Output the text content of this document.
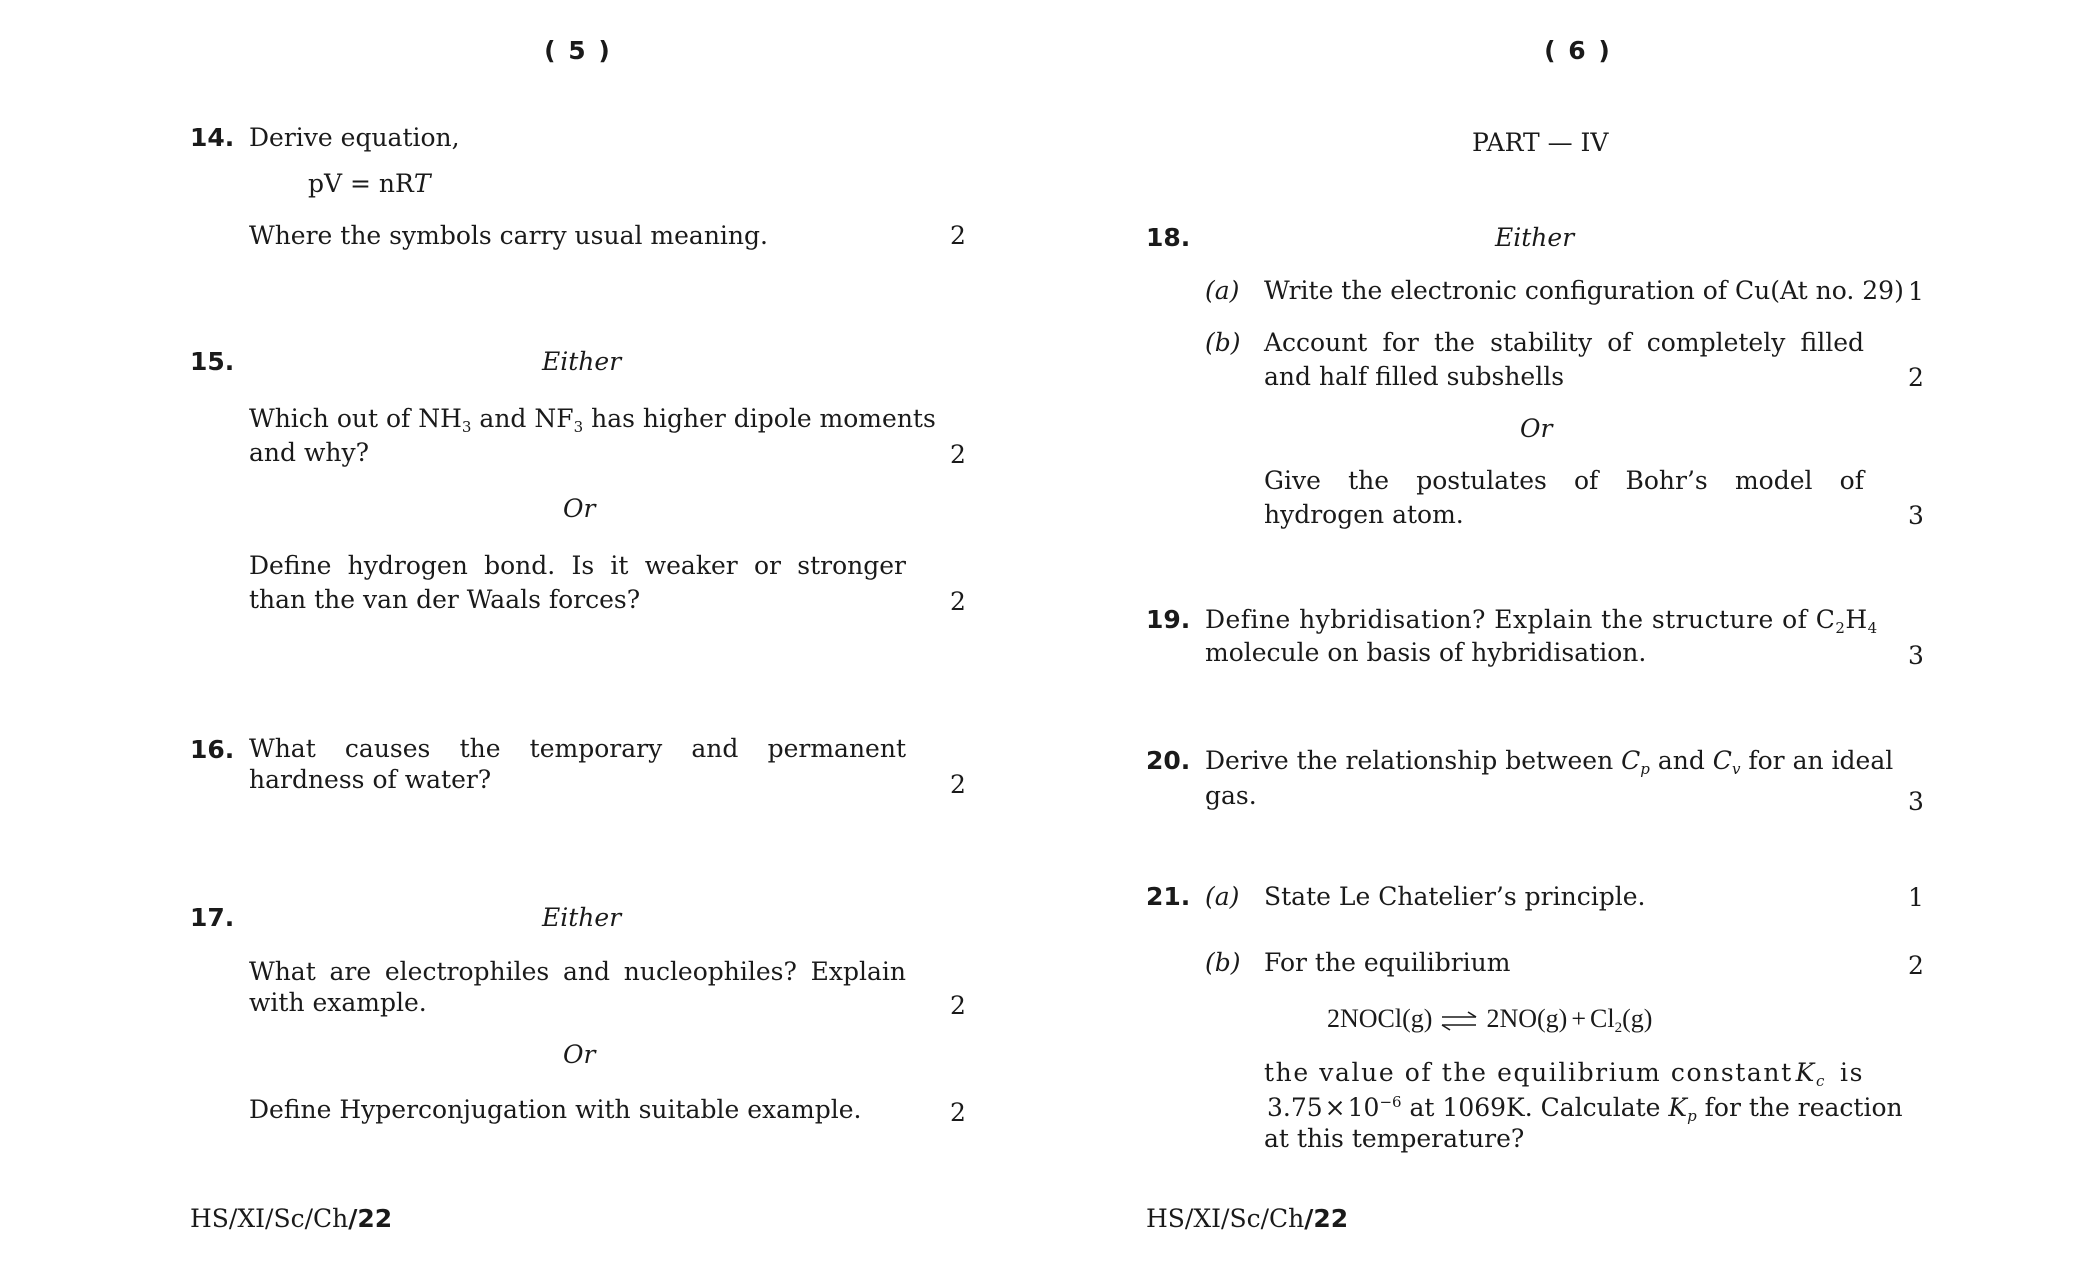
( 5 )
14. Derive equation,
pV = nRT
Where the symbols carry usual meaning.	2
15.	Either
Which out of $NH_3$ and $NF_3$ has higher dipole moments
and why?	2
Or
Define hydrogen bond. Is it weaker or stronger than the van der Waals forces?	2
16. What causes the temporary and permanent hardness of water?	2
17.	Either
What are electrophiles and nucleophiles? Explain with example.	2
Or
Define Hyperconjugation with suitable example.	2
HS/XI/Sc/Ch/22
( 6 )
PART — IV
18.	Either
(a) Write the electronic configuration of Cu(At no. 29) 1
(b) Account for the stability of completely filled and half filled subshells	2
Or
Give the postulates of Bohr’s model of hydrogen atom.	3
19. Define hybridisation? Explain the structure of $C_2H_4$
molecule on basis of hybridisation.	3
20. Derive the relationship between $C_p$ and $C_v$ for an ideal
gas.	3
21. (a) State Le Chatelier’s principle.	1
(b) For the equilibrium	2
2NOCl(g) ⇌ $2NO(g) + Cl_2(g)$
the value of the equilibrium constant $K_c$ is
$3.75\times 10^{-6}$ at 1069K. Calculate $K_p$ for the reaction
at this temperature?
HS/XI/Sc/Ch/22
